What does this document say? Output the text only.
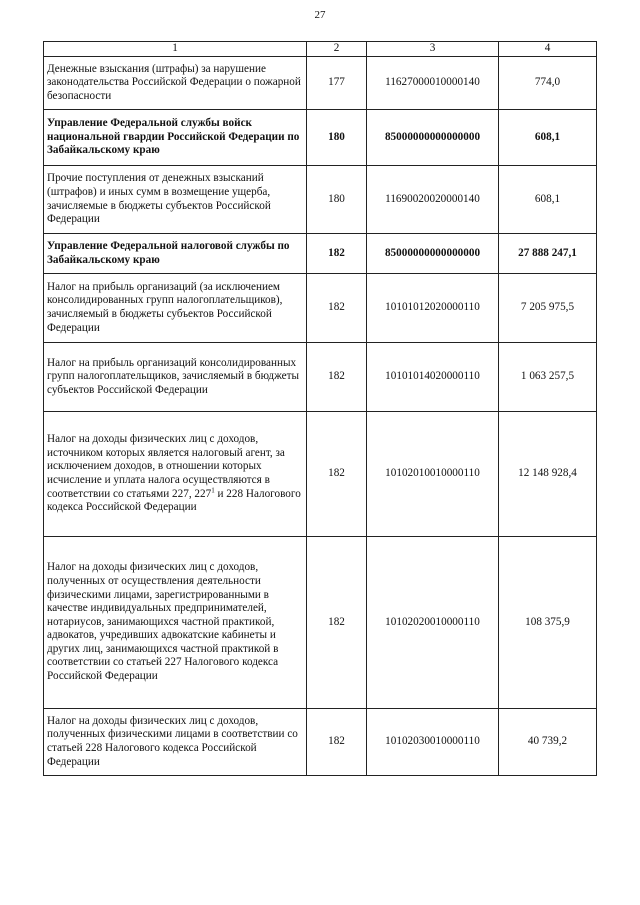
27
1	2	3	4
Денежные взыскания (штрафы) за нарушение законодательства Российской Федерации о пожарной безопасности	177	11627000010000140	774,0
Управление Федеральной службы войск национальной гвардии Российской Федерации по Забайкальскому краю	180	85000000000000000	608,1
Прочие поступления от денежных взысканий (штрафов) и иных сумм в возмещение ущерба, зачисляемые в бюджеты субъектов Российской Федерации	180	11690020020000140	608,1
Управление Федеральной налоговой службы по Забайкальскому краю	182	85000000000000000	27 888 247,1
Налог на прибыль организаций (за исключением консолидированных групп налогоплательщиков), зачисляемый в бюджеты субъектов Российской Федерации	182	10101012020000110	7 205 975,5
Налог на прибыль организаций консолидированных групп налогоплательщиков, зачисляемый в бюджеты субъектов Российской Федерации	182	10101014020000110	1 063 257,5
Налог на доходы физических лиц с доходов, источником которых является налоговый агент, за исключением доходов, в отношении которых исчисление и уплата налога осуществляются в соответствии со статьями 227, $227^1$ и 228 Налогового кодекса Российской Федерации	182	10102010010000110	12 148 928,4
Налог на доходы физических лиц с доходов, полученных от осуществления деятельности физическими лицами, зарегистрированными в качестве индивидуальных предпринимателей, нотариусов, занимающихся частной практикой, адвокатов, учредивших адвокатские кабинеты и других лиц, занимающихся частной практикой в соответствии со статьей 227 Налогового кодекса Российской Федерации	182	10102020010000110	108 375,9
Налог на доходы физических лиц с доходов, полученных физическими лицами в соответствии со статьей 228 Налогового кодекса Российской Федерации	182	10102030010000110	40 739,2
